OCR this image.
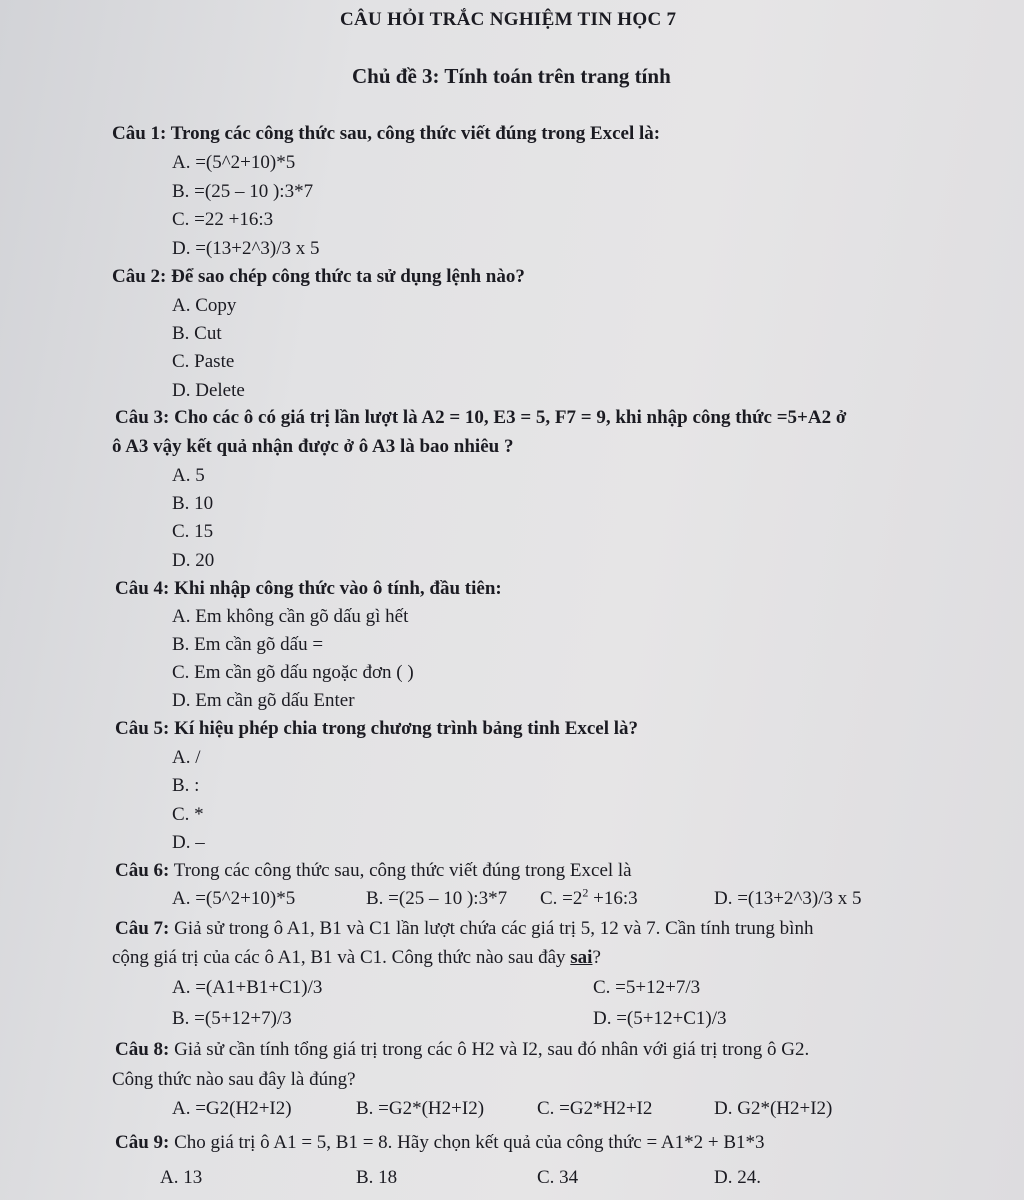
CÂU HỎI TRẮC NGHIỆM TIN HỌC 7
Chủ đề 3: Tính toán trên trang tính
Câu 1: Trong các công thức sau, công thức viết đúng trong Excel là:
A. =(5^2+10)*5
B. =(25 – 10 ):3*7
C. =22 +16:3
D. =(13+2^3)/3 x 5
Câu 2: Để sao chép công thức ta sử dụng lệnh nào?
A. Copy
B. Cut
C. Paste
D. Delete
Câu 3: Cho các ô có giá trị lần lượt là A2 = 10, E3 = 5, F7 = 9, khi nhập công thức =5+A2 ở
ô A3 vậy kết quả nhận được ở ô A3 là bao nhiêu ?
A. 5
B. 10
C. 15
D. 20
Câu 4: Khi nhập công thức vào ô tính, đầu tiên:
A. Em không cần gõ dấu gì hết
B. Em cần gõ dấu =
C. Em cần gõ dấu ngoặc đơn ( )
D. Em cần gõ dấu Enter
Câu 5: Kí hiệu phép chia trong chương trình bảng tinh Excel là?
A. /
B. :
C. *
D. –
Câu 6: Trong các công thức sau, công thức viết đúng trong Excel là
A. =(5^2+10)*5	B. =(25 – 10 ):3*7 C. $=2^2$ +16:3	D. =(13+2^3)/3 x 5
Câu 7: Giả sử trong ô A1, B1 và C1 lần lượt chứa các giá trị 5, 12 và 7. Cần tính trung bình
cộng giá trị của các ô A1, B1 và C1. Công thức nào sau đây sai?
A. =(A1+B1+C1)/3	C. =5+12+7/3
B. =(5+12+7)/3	D. =(5+12+C1)/3
Câu 8: Giả sử cần tính tổng giá trị trong các ô H2 và I2, sau đó nhân với giá trị trong ô G2.
Công thức nào sau đây là đúng?
A. =G2(H2+I2)	B. =G2*(H2+I2)	C. =G2*H2+I2	D. G2*(H2+I2)
Câu 9: Cho giá trị ô A1 = 5, B1 = 8. Hãy chọn kết quả của công thức = A1*2 + B1*3
A. 13	B. 18	C. 34	D. 24.
